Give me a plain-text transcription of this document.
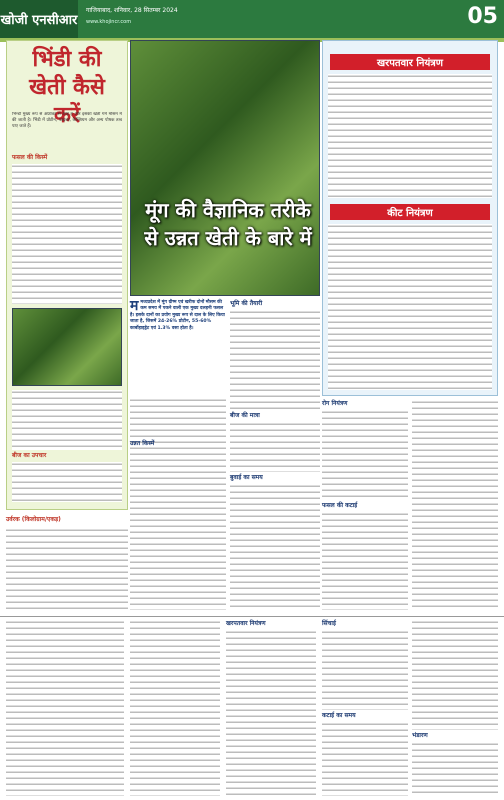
खोजी एनसीआर
गाजियाबाद, शनिवार, 28 सितम्बर 2024
www.khojincr.com	05
भिंडी की खेती कैसे करें
भिन्डी मुख्य रूप से अफ्रीका से आई है और इसकी खेती गर्म मौसम में की जाती है। भिंडी में प्रोटीन, फाइबर, कैल्शियम और अन्य पोषक तत्व पाए जाते हैं।
फसल की किस्में
बीज का उपचार
उर्वरक (किलोग्राम/एकड़)
मूंग की वैज्ञानिक तरीके से उन्नत खेती के बारे में
म मध्यप्रदेश में मूंग ग्रीष्म एवं खरीफ दोनों मौसम की कम समय में पकने वाली एक मुख्य दलहनी फसल है। इसके दानों का प्रयोग मुख्य रूप से दाल के लिए किया जाता है, जिसमें 24-26% प्रोटीन, 55-60% कार्बोहाइड्रेट एवं 1.3% वसा होता है।
उन्नत किस्में
भूमि की तैयारी
बीज की मात्रा
बुवाई का समय
खरपतवार नियंत्रण
कीट नियंत्रण
रोग नियंत्रण
फसल की कटाई
खरपतवार नियंत्रण	सिंचाई
कटाई का समय
भंडारण
